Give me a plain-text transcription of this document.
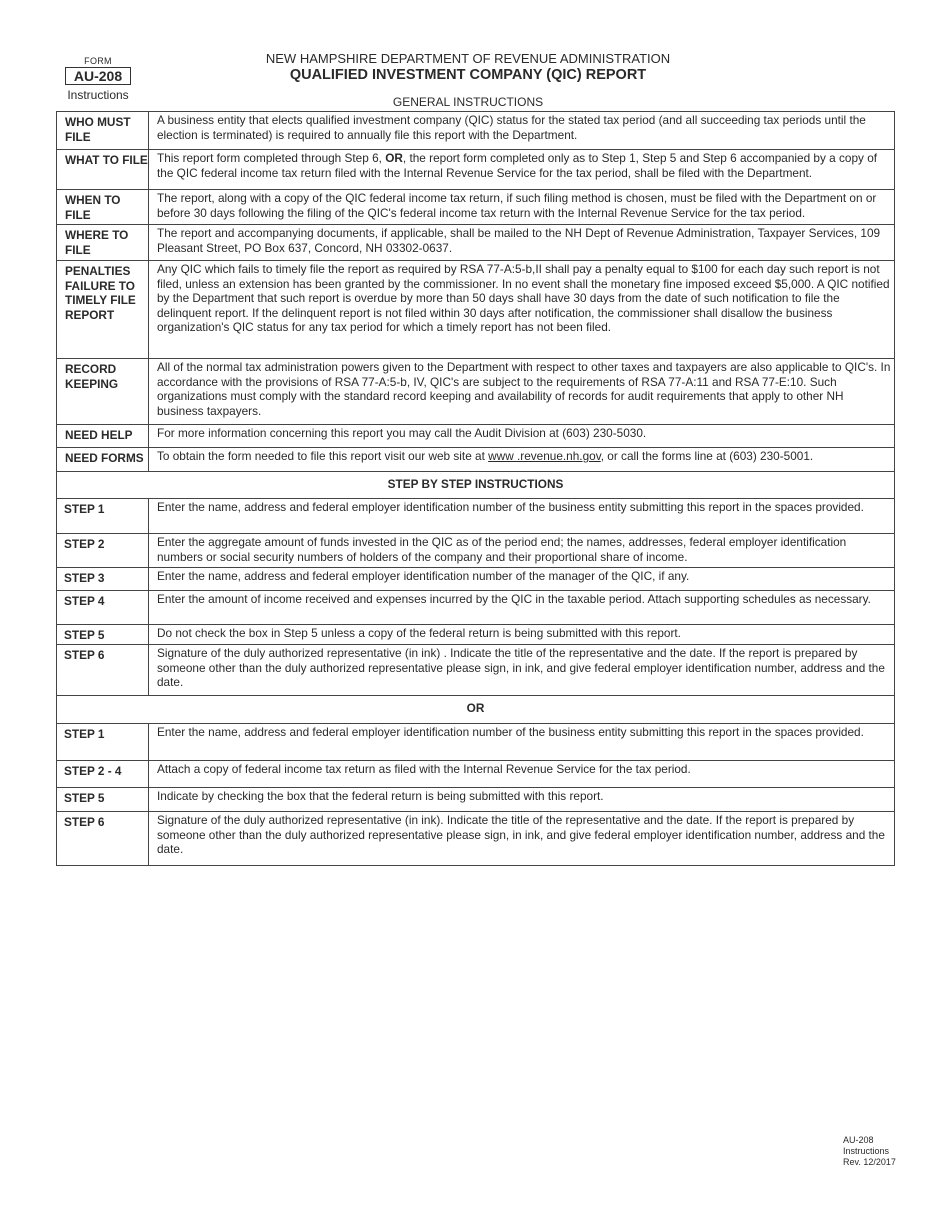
FORM
AU-208
Instructions
NEW HAMPSHIRE DEPARTMENT OF REVENUE ADMINISTRATION
QUALIFIED INVESTMENT COMPANY (QIC) REPORT
GENERAL INSTRUCTIONS
WHO MUST FILE	A business entity that elects qualified investment company (QIC) status for the stated tax period (and all succeeding tax periods until the election is terminated) is required to annually file this report with the Department.
WHAT TO FILE	This report form completed through Step 6, OR, the report form completed only as to Step 1, Step 5 and Step 6 accompanied by a copy of the QIC federal income tax return filed with the Internal Revenue Service for the tax period, shall be filed with the Department.
WHEN TO FILE	The report, along with a copy of the QIC federal income tax return, if such filing method is chosen, must be filed with the Department on or before 30 days following the filing of the QIC's federal income tax return with the Internal Revenue Service for the tax period.
WHERE TO FILE	The report and accompanying documents, if applicable, shall be mailed to the NH Dept of Revenue Administration, Taxpayer Services, 109 Pleasant Street, PO Box 637, Concord, NH 03302-0637.
PENALTIES FAILURE TO TIMELY FILE REPORT	Any QIC which fails to timely file the report as required by RSA 77-A:5-b,II shall pay a penalty equal to $100 for each day such report is not filed, unless an extension has been granted by the commissioner. In no event shall the monetary fine imposed exceed $5,000. A QIC notified by the Department that such report is overdue by more than 50 days shall have 30 days from the date of such notification to file the delinquent report. If the delinquent report is not filed within 30 days after notification, the commissioner shall disallow the business organization's QIC status for any tax period for which a timely report has not been filed.
RECORD KEEPING	All of the normal tax administration powers given to the Department with respect to other taxes and taxpayers are also applicable to QIC's. In accordance with the provisions of RSA 77-A:5-b, IV, QIC's are subject to the requirements of RSA 77-A:11 and RSA 77-E:10. Such organizations must comply with the standard record keeping and availability of records for audit requirements that apply to other NH business taxpayers.
NEED HELP	For more information concerning this report you may call the Audit Division at (603) 230-5030.
NEED FORMS	To obtain the form needed to file this report visit our web site at www .revenue.nh.gov, or call the forms line at (603) 230-5001.
STEP BY STEP INSTRUCTIONS	
STEP 1	Enter the name, address and federal employer identification number of the business entity submitting this report in the spaces provided.
STEP 2	Enter the aggregate amount of funds invested in the QIC as of the period end; the names, addresses, federal employer identification numbers or social security numbers of holders of the company and their proportional share of income.
STEP 3	Enter the name, address and federal employer identification number of the manager of the QIC, if any.
STEP 4	Enter the amount of income received and expenses incurred by the QIC in the taxable period. Attach supporting schedules as necessary.
STEP 5	Do not check the box in Step 5 unless a copy of the federal return is being submitted with this report.
STEP 6	Signature of the duly authorized representative (in ink) . Indicate the title of the representative and the date. If the report is prepared by someone other than the duly authorized representative please sign, in ink, and give federal employer identification number, address and the date.
OR	
STEP 1	Enter the name, address and federal employer identification number of the business entity submitting this report in the spaces provided.
STEP 2 - 4	Attach a copy of federal income tax return as filed with the Internal Revenue Service for the tax period.
STEP 5	Indicate by checking the box that the federal return is being submitted with this report.
STEP 6	Signature of the duly authorized representative (in ink). Indicate the title of the representative and the date. If the report is prepared by someone other than the duly authorized representative please sign, in ink, and give federal employer identification number, address and the date.
AU-208
Instructions
Rev. 12/2017
